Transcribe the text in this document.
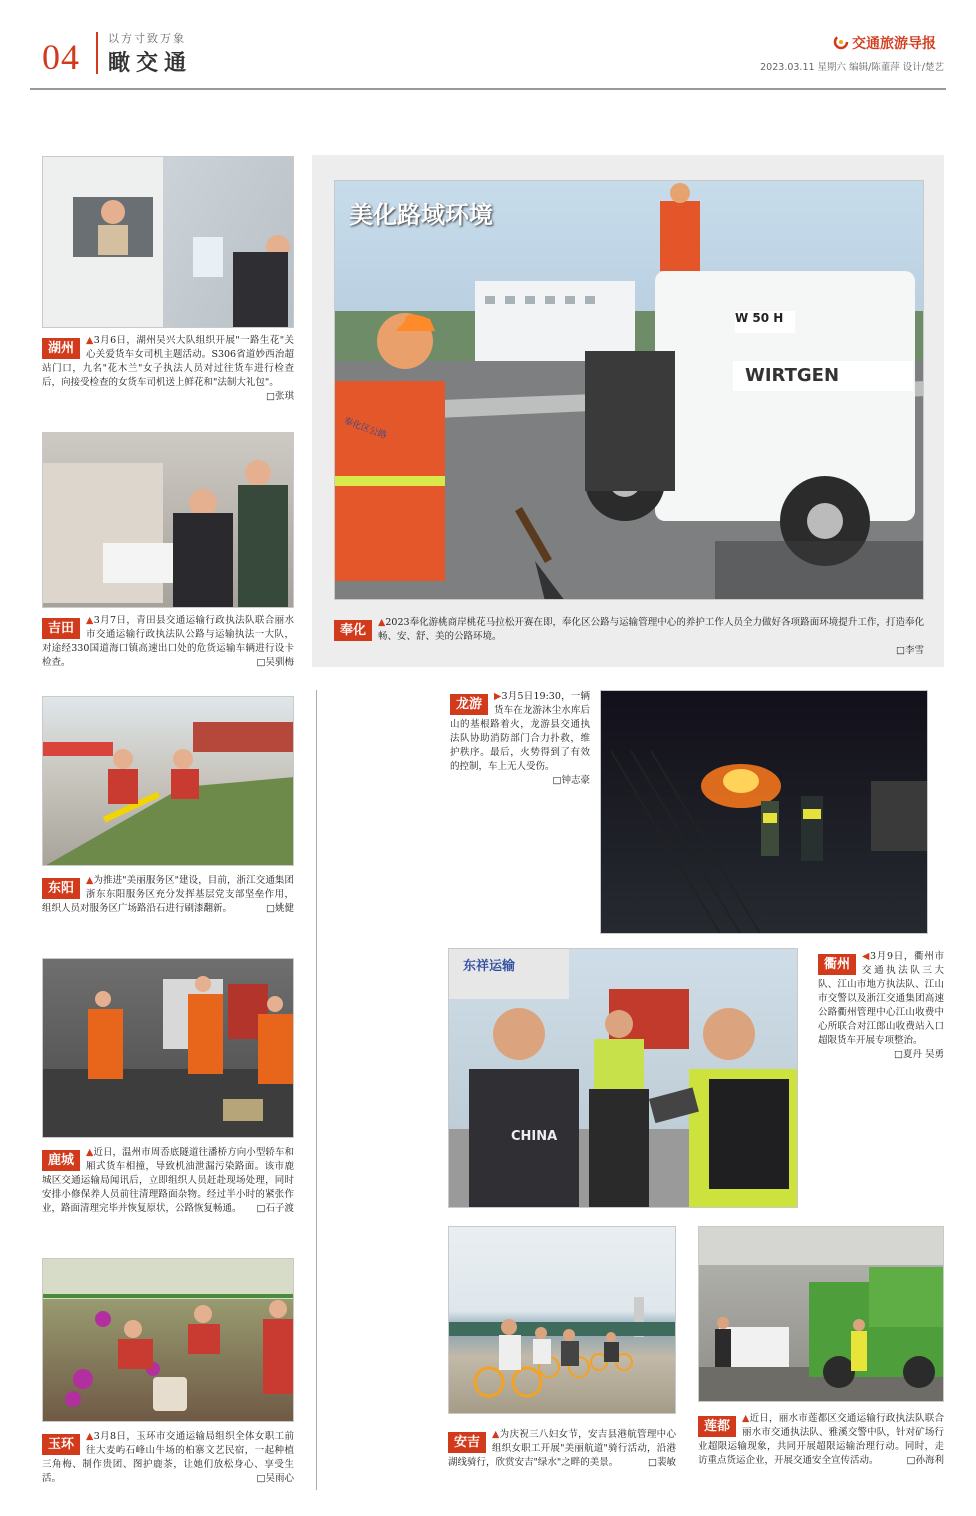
04	以方寸致万象
瞰交通
交通旅游导报
2023.03.11 星期六 编辑/陈董萍 设计/楚艺
美化路域环境
W 50 H
WIRTGEN
奉化区公路
奉化
▲2023奉化游桃商岸桃花马拉松开赛在即，奉化区公路与运输管理中心的养护工作人员全力做好各项路面环境提升工作，打造奉化畅、安、舒、美的公路环境。

□李雪
湖州
▲3月6日，湖州吴兴大队组织开展"一路生花"关心关爱货车女司机主题活动。S306省道妙西治超站门口，九名"花木兰"女子执法人员对过往货车进行检查后，向接受检查的女货车司机送上鲜花和"法制大礼包"。
□张琪
吉田
▲3月7日，青田县交通运输行政执法队联合丽水市交通运输行政执法队公路与运输执法一大队，对途经330国道海口镇高速出口处的危货运输车辆进行设卡检查。	□吴驯梅
东阳
▲为推进"美丽服务区"建设，目前，浙江交通集团浙东东阳服务区充分发挥基层党支部坚垒作用，组织人员对服务区广场路沿石进行刷漆翻新。	□姚健
鹿城
▲近日，温州市周岙底隧道往潘桥方向小型轿车和厢式货车相撞，导致机油泄漏污染路面。该市鹿城区交通运输局闻讯后，立即组织人员赶赴现场处理，同时安排小修保养人员前往清理路面杂物。经过半小时的紧张作业，路面清理完毕并恢复原状，公路恢复畅通。 □石子渡
玉环
▲3月8日，玉环市交通运输局组织全体女职工前往大麦屿石峰山牛场的桕寨文艺民宿，一起种植三角梅、制作贵团、图护鹿茶，让她们放松身心、享受生活。	□吴雨心
龙游
▶3月5日19:30，一辆货车在龙游沐尘水库后山的基根路着火，龙游县交通执法队协助消防部门合力扑救，维护秩序。最后，火势得到了有效的控制，车上无人受伤。

□钟志豪
东祥运输
CHINA
衢州
◀3月9日，衢州市交通执法队三大队、江山市地方执法队、江山市交警以及浙江交通集团高速公路衢州管理中心江山收费中心所联合对江郎山收费站入口超限货车开展专项整治。

□夏丹 吴勇
安吉
▲为庆祝三八妇女节，安吉县港航管理中心组织女职工开展"美丽航道"骑行活动，沿港湖线骑行，欣赏安吉"绿水"之畔的美景。	□裴敏
莲都
▲近日，丽水市莲都区交通运输行政执法队联合丽水市交通执法队、雅溪交警中队，针对矿场行业超限运输现象，共同开展超限运输治理行动。同时，走访重点货运企业，开展交通安全宣传活动。	□孙海利
